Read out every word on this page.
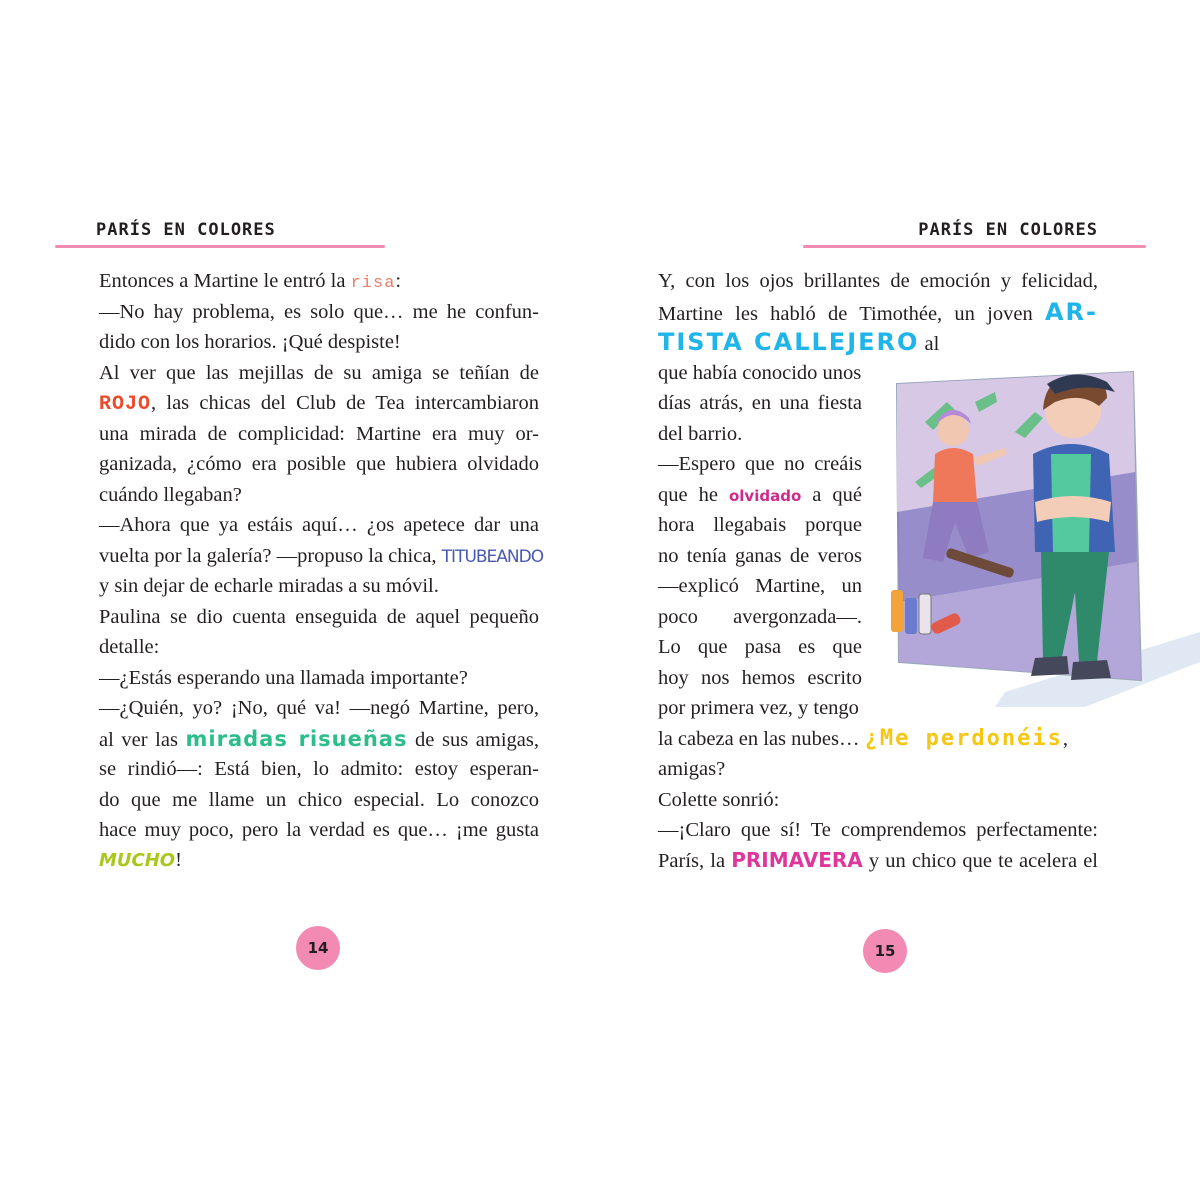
PARÍS EN COLORES
Entonces a Martine le entró la risa:
—No hay problema, es solo que… me he confun-
dido con los horarios. ¡Qué despiste!
Al ver que las mejillas de su amiga se teñían de
ROJO, las chicas del Club de Tea intercambiaron
una mirada de complicidad: Martine era muy or-
ganizada, ¿cómo era posible que hubiera olvidado
cuándo llegaban?
—Ahora que ya estáis aquí… ¿os apetece dar una
vuelta por la galería? —propuso la chica, TITUBEANDO
y sin dejar de echarle miradas a su móvil.
Paulina se dio cuenta enseguida de aquel pequeño
detalle:
—¿Estás esperando una llamada importante?
—¿Quién, yo? ¡No, qué va! —negó Martine, pero,
al ver las miradas risueñas de sus amigas,
se rindió—: Está bien, lo admito: estoy esperan-
do que me llame un chico especial. Lo conozco
hace muy poco, pero la verdad es que… ¡me gusta
MUCHO!
14
PARÍS EN COLORES
Y, con los ojos brillantes de emoción y felicidad,
Martine les habló de Timothée, un joven AR-
TISTA CALLEJERO al
que había conocido unos
días atrás, en una fiesta
del barrio.
—Espero que no creáis
que he olvidado a qué
hora llegabais porque
no tenía ganas de veros
—explicó Martine, un
poco avergonzada—.
Lo que pasa es que
hoy nos hemos escrito
por primera vez, y tengo
la cabeza en las nubes… ¿Me perdonéis,
amigas?
Colette sonrió:
—¡Claro que sí! Te comprendemos perfectamente:
París, la PRIMAVERA y un chico que te acelera el
15
